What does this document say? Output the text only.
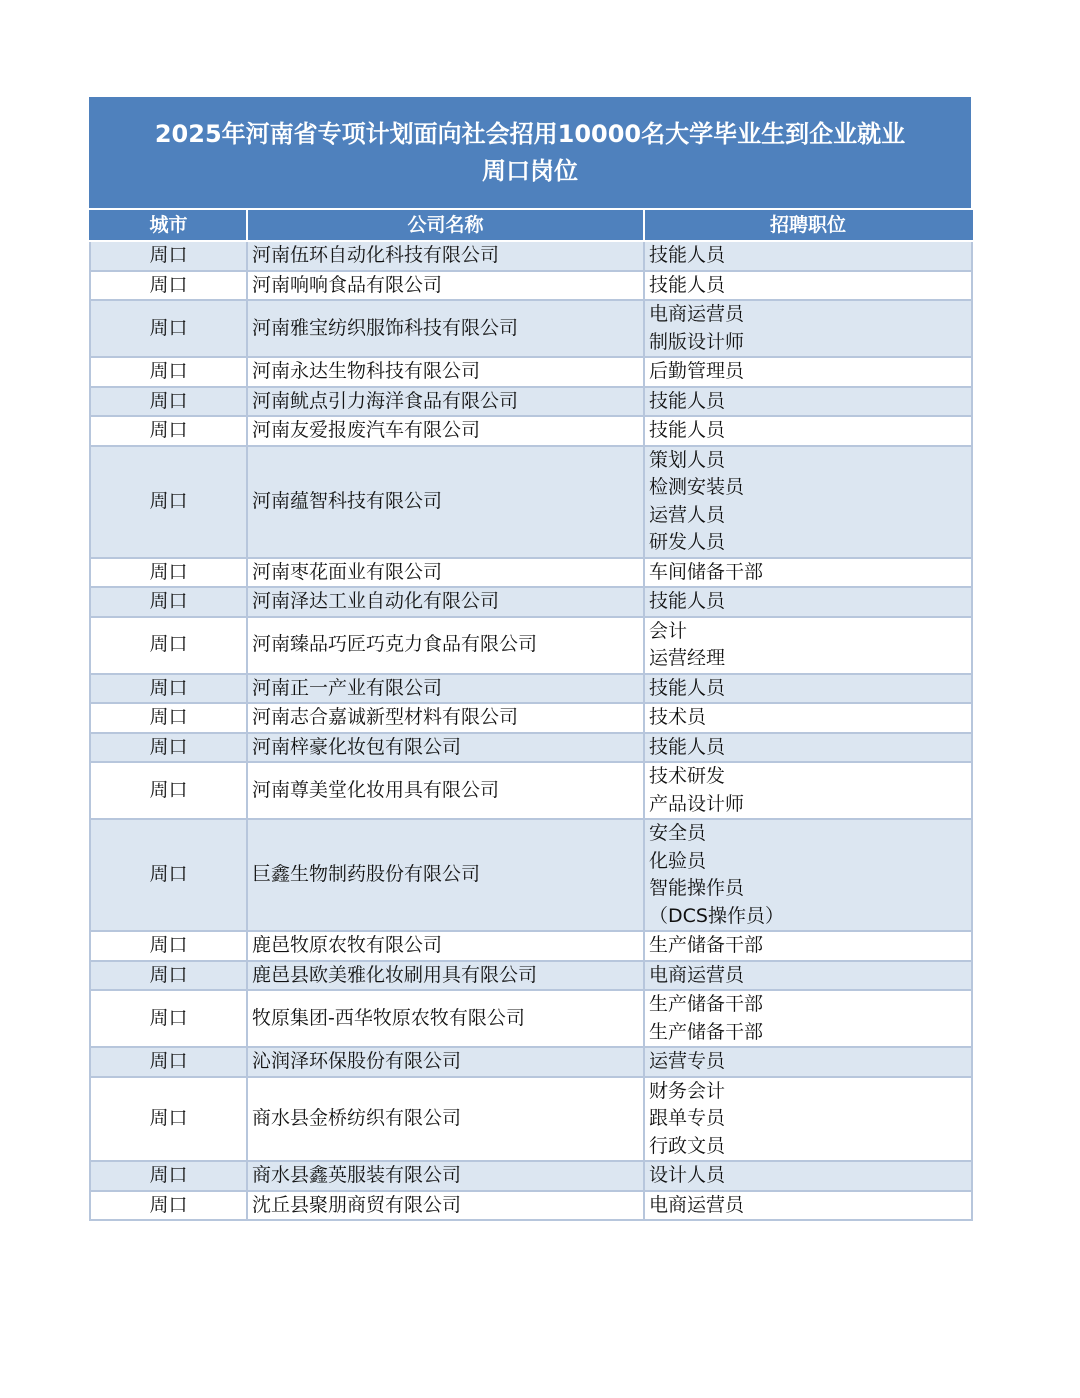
2025年河南省专项计划面向社会招用10000名大学毕业生到企业就业
周口岗位
城市	公司名称	招聘职位
周口	河南伍环自动化科技有限公司	技能人员

周口	河南响响食品有限公司	技能人员

周口	河南雅宝纺织服饰科技有限公司	电商运营员
制版设计师

周口	河南永达生物科技有限公司	后勤管理员

周口	河南鱿点引力海洋食品有限公司	技能人员

周口	河南友爱报废汽车有限公司	技能人员

周口	河南蕴智科技有限公司	策划人员
检测安装员
运营人员
研发人员

周口	河南枣花面业有限公司	车间储备干部

周口	河南泽达工业自动化有限公司	技能人员

周口	河南臻品巧匠巧克力食品有限公司	会计
运营经理

周口	河南正一产业有限公司	技能人员

周口	河南志合嘉诚新型材料有限公司	技术员

周口	河南梓豪化妆包有限公司	技能人员

周口	河南尊美堂化妆用具有限公司	技术研发
产品设计师

周口	巨鑫生物制药股份有限公司	安全员
化验员
智能操作员
（DCS操作员）

周口	鹿邑牧原农牧有限公司	生产储备干部

周口	鹿邑县欧美雅化妆刷用具有限公司	电商运营员

周口	牧原集团-西华牧原农牧有限公司	生产储备干部
生产储备干部

周口	沁润泽环保股份有限公司	运营专员

周口	商水县金桥纺织有限公司	财务会计
跟单专员
行政文员

周口	商水县鑫英服装有限公司	设计人员

周口	沈丘县聚朋商贸有限公司	电商运营员
